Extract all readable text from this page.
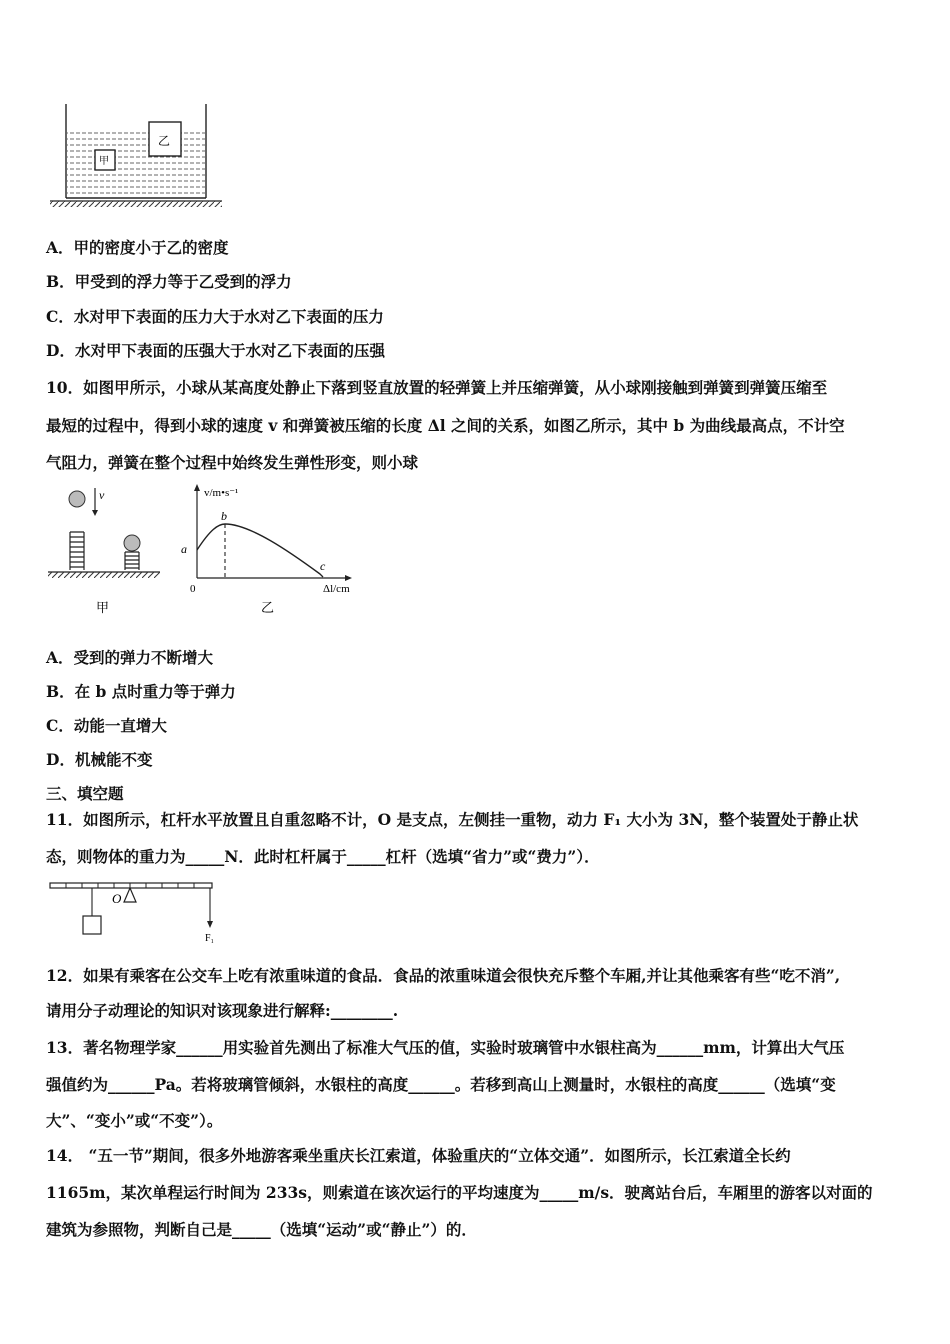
乙
甲
A．甲的密度小于乙的密度
B．甲受到的浮力等于乙受到的浮力
C．水对甲下表面的压力大于水对乙下表面的压力
D．水对甲下表面的压强大于水对乙下表面的压强
10．如图甲所示，小球从某高度处静止下落到竖直放置的轻弹簧上并压缩弹簧，从小球刚接触到弹簧到弹簧压缩至
最短的过程中，得到小球的速度 v 和弹簧被压缩的长度 Δl 之间的关系，如图乙所示，其中 b 为曲线最高点，不计空
气阻力，弹簧在整个过程中始终发生弹性形变，则小球
v
甲
v/m•s⁻¹
Δl/cm
0
a
b
c
乙
A．受到的弹力不断增大
B．在 b 点时重力等于弹力
C．动能一直增大
D．机械能不变
三、填空题
11．如图所示，杠杆水平放置且自重忽略不计，O 是支点，左侧挂一重物，动力 F₁ 大小为 3N，整个装置处于静止状
态，则物体的重力为_____N．此时杠杆属于_____杠杆（选填“省力”或“费力”）．
O
F₁
12．如果有乘客在公交车上吃有浓重味道的食品．食品的浓重味道会很快充斥整个车厢,并让其他乘客有些“吃不消”,
请用分子动理论的知识对该现象进行解释:________.
13．著名物理学家______用实验首先测出了标准大气压的值，实验时玻璃管中水银柱高为______mm，计算出大气压
强值约为______Pa。若将玻璃管倾斜，水银柱的高度______。若移到高山上测量时，水银柱的高度______（选填“变
大”、“变小”或“不变”）。
14． “五一节”期间，很多外地游客乘坐重庆长江索道，体验重庆的“立体交通”．如图所示，长江索道全长约
1165m，某次单程运行时间为 233s，则索道在该次运行的平均速度为_____m/s．驶离站台后，车厢里的游客以对面的
建筑为参照物，判断自己是_____（选填“运动”或“静止”）的．
